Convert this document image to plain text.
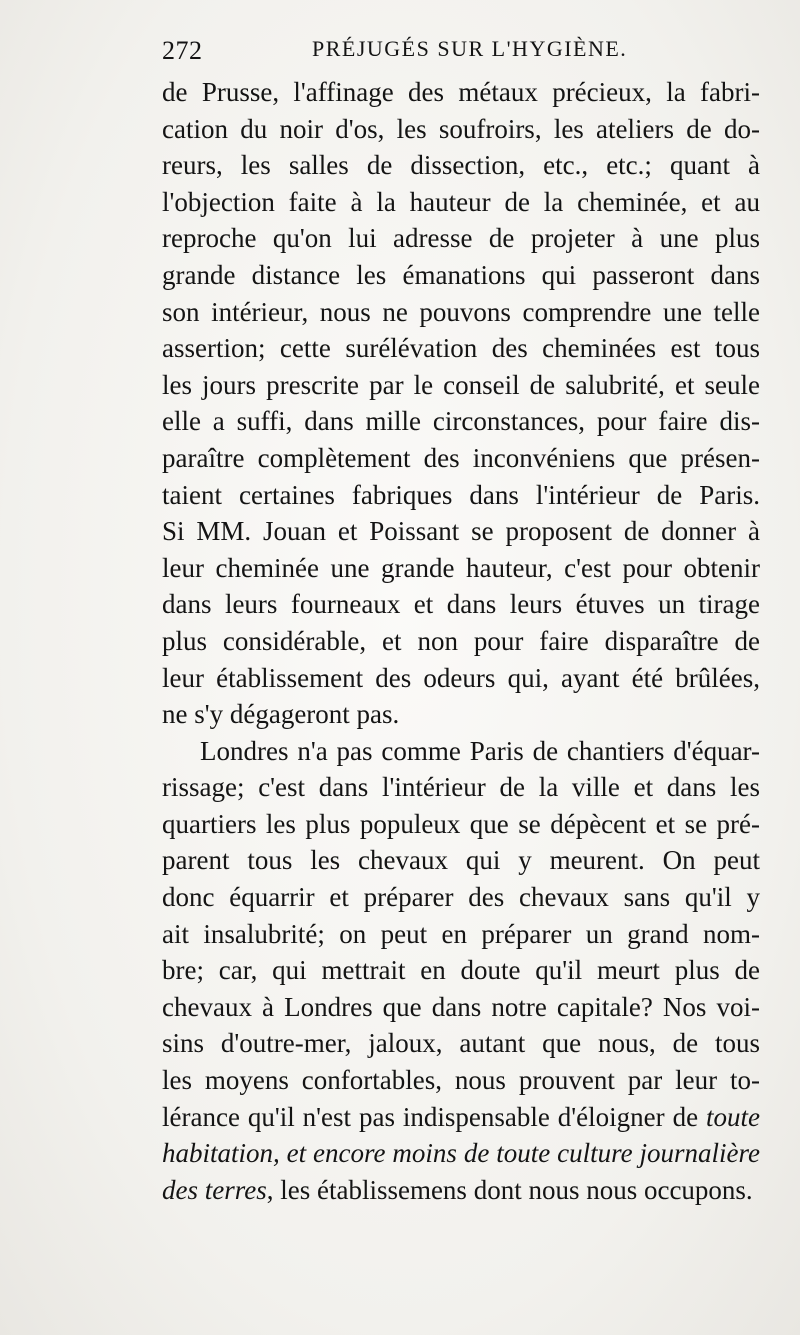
272	PRÉJUGÉS SUR L'HYGIÈNE.
de Prusse, l'affinage des métaux précieux, la fabri-
cation du noir d'os, les soufroirs, les ateliers de do-
reurs, les salles de dissection, etc., etc.; quant à
l'objection faite à la hauteur de la cheminée, et au
reproche qu'on lui adresse de projeter à une plus
grande distance les émanations qui passeront dans
son intérieur, nous ne pouvons comprendre une telle
assertion; cette surélévation des cheminées est tous
les jours prescrite par le conseil de salubrité, et seule
elle a suffi, dans mille circonstances, pour faire dis-
paraître complètement des inconvéniens que présen-
taient certaines fabriques dans l'intérieur de Paris.
Si MM. Jouan et Poissant se proposent de donner à
leur cheminée une grande hauteur, c'est pour obtenir
dans leurs fourneaux et dans leurs étuves un tirage
plus considérable, et non pour faire disparaître de
leur établissement des odeurs qui, ayant été brûlées,
ne s'y dégageront pas.
Londres n'a pas comme Paris de chantiers d'équar-
rissage; c'est dans l'intérieur de la ville et dans les
quartiers les plus populeux que se dépècent et se pré-
parent tous les chevaux qui y meurent. On peut
donc équarrir et préparer des chevaux sans qu'il y
ait insalubrité; on peut en préparer un grand nom-
bre; car, qui mettrait en doute qu'il meurt plus de
chevaux à Londres que dans notre capitale? Nos voi-
sins d'outre-mer, jaloux, autant que nous, de tous
les moyens confortables, nous prouvent par leur to-
lérance qu'il n'est pas indispensable d'éloigner de toute
habitation, et encore moins de toute culture journalière
des terres, les établissemens dont nous nous occupons.
